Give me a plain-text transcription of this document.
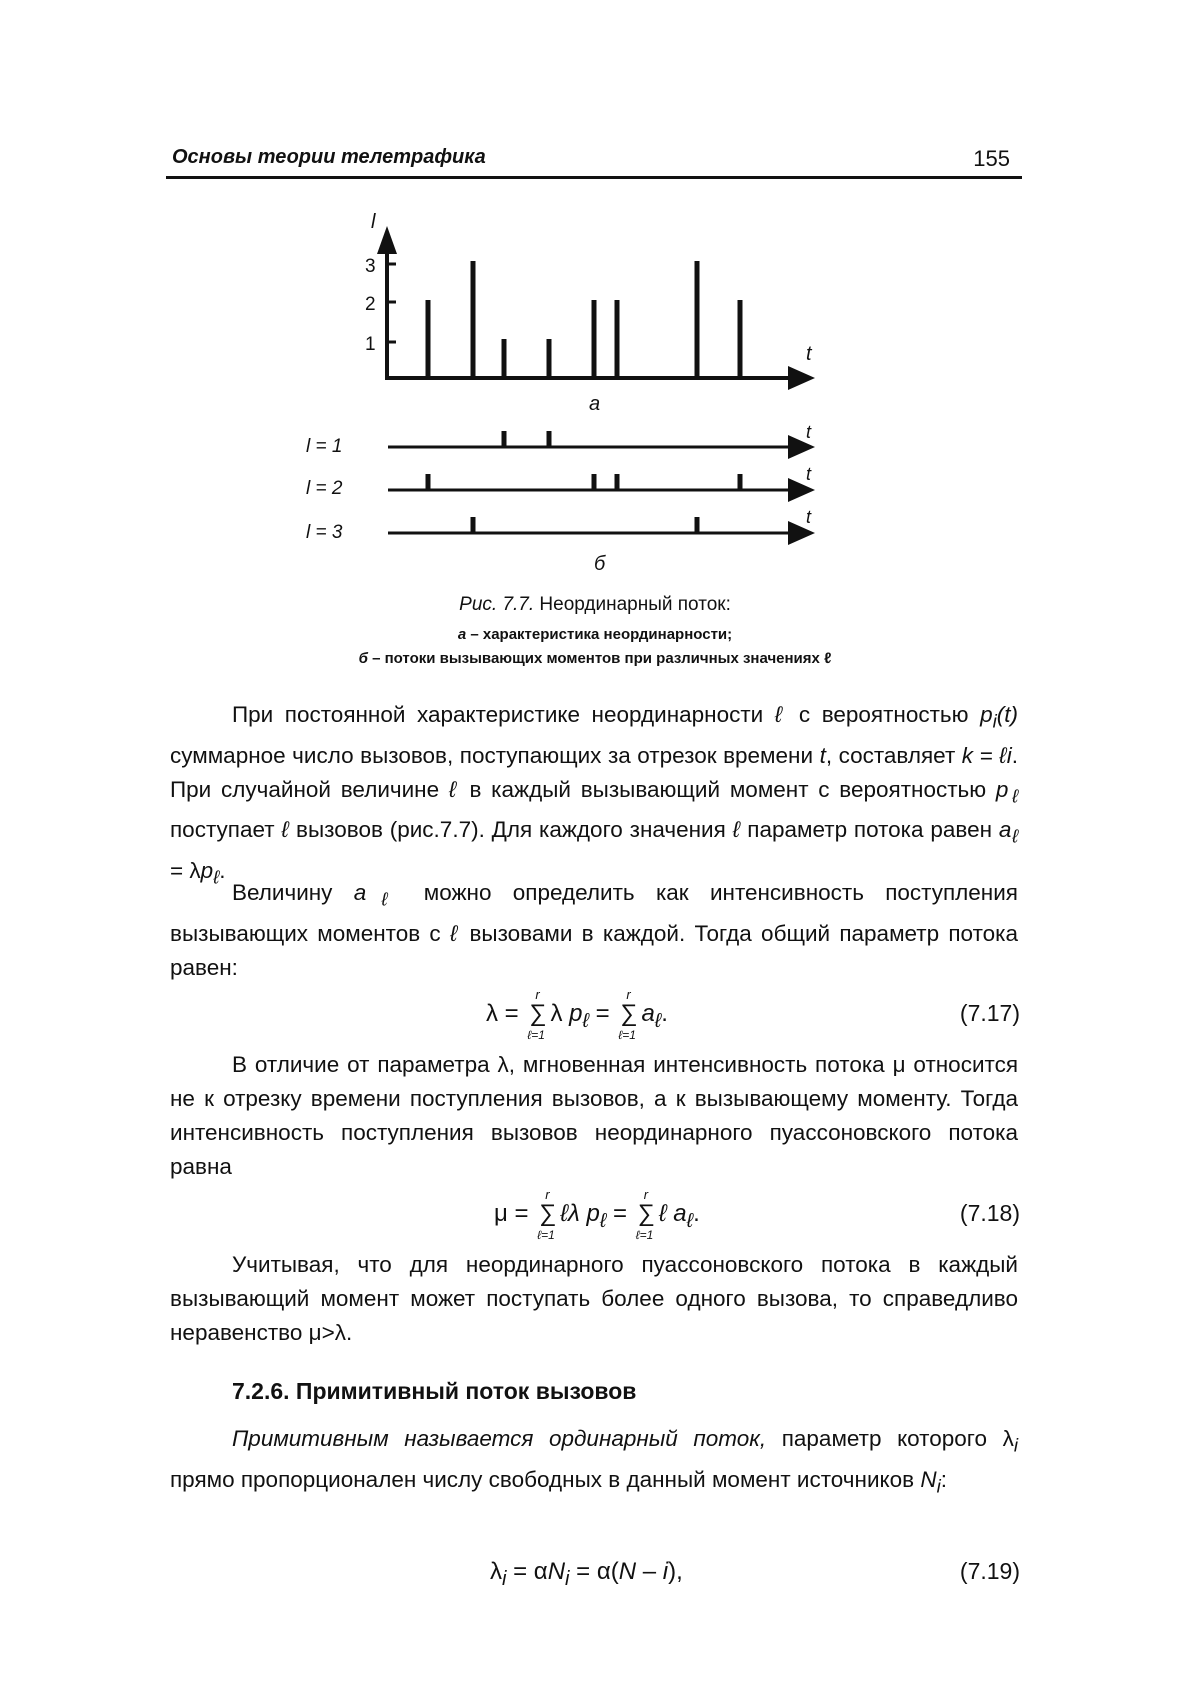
Основы теории телетрафика	155
l
t
3
2
1
а
l = 1
l = 2
l = 3
t
t
t
б
Рис. 7.7. Неординарный поток:
а – характеристика неординарности;
б – потоки вызывающих моментов при различных значениях ℓ

При постоянной характеристике неординарности ℓ с вероятностью $p_i(t)$ суммарное число вызовов, поступающих за отрезок времени t, составляет k = ℓi. При случайной величине ℓ в каждый вызывающий момент с вероятностью $p_\ell$ поступает ℓ вызовов (рис.7.7). Для каждого значения ℓ параметр потока равен $a_\ell = \lambda p_\ell$.

Величину $a_\ell$ можно определить как интенсивность поступления вызывающих моментов с ℓ вызовами в каждой. Тогда общий параметр потока равен:

λ = ∑
r
ℓ=1
λ $p_\ell$ = ∑
r
ℓ=1
$a_\ell$.	(7.17)

В отличие от параметра λ, мгновенная интенсивность потока μ относится не к отрезку времени поступления вызовов, а к вызывающему моменту. Тогда интенсивность поступления вызовов неординарного пуассоновского потока равна

μ = ∑
r
ℓ=1
ℓλ $p_\ell$ = ∑
r
ℓ=1
ℓ $a_\ell$.	(7.18)

Учитывая, что для неординарного пуассоновского потока в каждый вызывающий момент может поступать более одного вызова, то справедливо неравенство μ>λ.

7.2.6. Примитивный поток вызовов

Примитивным называется ординарный поток, параметр которого $\lambda_i$ прямо пропорционален числу свободных в данный момент источников $N_i$:

$\lambda_i = \alpha N_i = \alpha(N - i)$,	(7.19)
